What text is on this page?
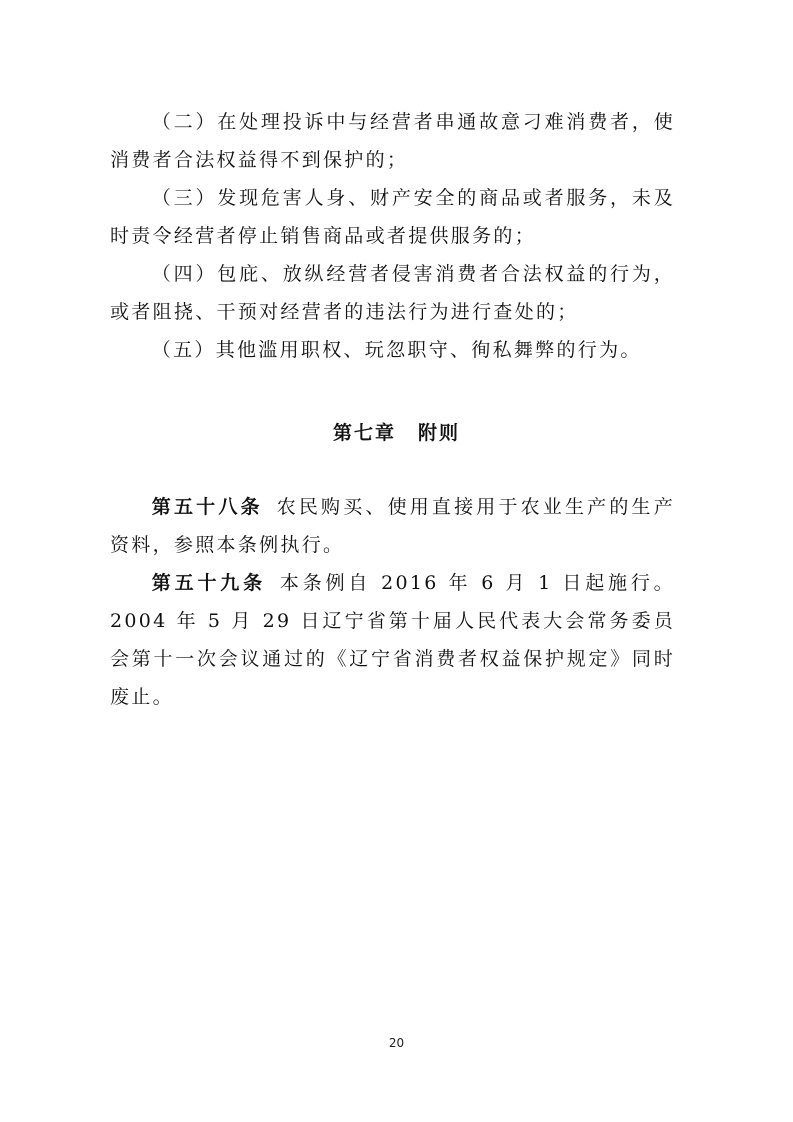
（二）在处理投诉中与经营者串通故意刁难消费者，使消费者合法权益得不到保护的；

（三）发现危害人身、财产安全的商品或者服务，未及时责令经营者停止销售商品或者提供服务的；

（四）包庇、放纵经营者侵害消费者合法权益的行为，或者阻挠、干预对经营者的违法行为进行查处的；

（五）其他滥用职权、玩忽职守、徇私舞弊的行为。

第七章 附则

第五十八条 农民购买、使用直接用于农业生产的生产资料，参照本条例执行。

第五十九条 本条例自 2016 年 6 月 1 日起施行。2004 年 5 月 29 日辽宁省第十届人民代表大会常务委员会第十一次会议通过的《辽宁省消费者权益保护规定》同时废止。

20
